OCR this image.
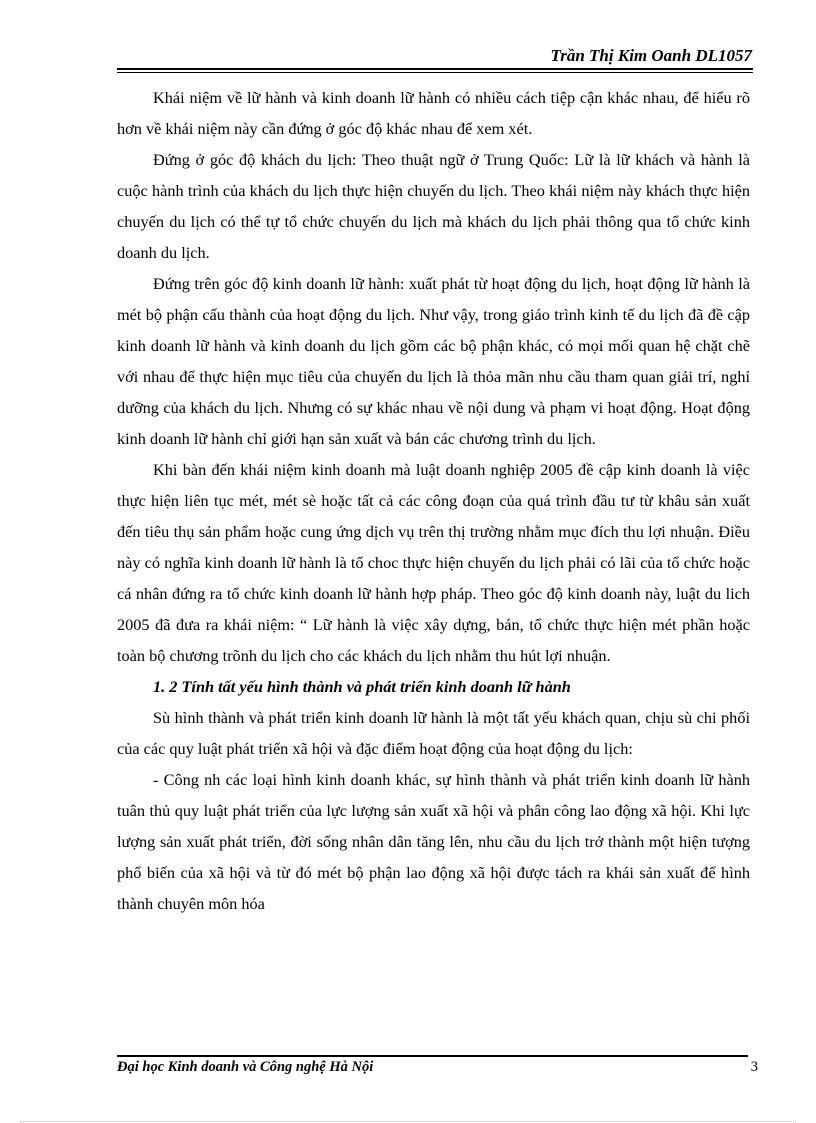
Trần Thị Kim Oanh DL1057

Khái niệm về lữ hành và kinh doanh lữ hành có nhiều cách tiệp cận khác nhau, để hiểu rõ hơn về khái niệm này cần đứng ở góc độ khác nhau để xem xét.

Đứng ở góc độ khách du lịch: Theo thuật ngữ ở Trung Quốc: Lữ là lữ khách và hành là cuộc hành trình của khách du lịch thực hiện chuyến du lịch. Theo khái niệm này khách thực hiện chuyến du lịch có thể tự tổ chức chuyến du lịch mà khách du lịch phải thông qua tổ chức kinh doanh du lịch.

Đứng trên góc độ kinh doanh lữ hành: xuất phát từ hoạt động du lịch, hoạt động lữ hành là mét bộ phận cấu thành của hoạt động du lịch. Như vậy, trong giáo trình kinh tế du lịch đã đề cập kinh doanh lữ hành và kinh doanh du lịch gồm các bộ phận khác, có mọi mối quan hệ chặt chẽ với nhau để thực hiện mục tiêu của chuyến du lịch là thỏa mãn nhu cầu tham quan giải trí, nghỉ dưỡng của khách du lịch. Nhưng có sự khác nhau về nội dung và phạm vi hoạt động. Hoạt động kinh doanh lữ hành chỉ giới hạn sản xuất và bán các chương trình du lịch.

Khi bàn đến khái niệm kinh doanh mà luật doanh nghiệp 2005 đề cập kinh doanh là việc thực hiện liên tục mét, mét sè hoặc tất cả các công đoạn của quá trình đầu tư từ khâu sản xuất đến tiêu thụ sản phẩm hoặc cung ứng dịch vụ trên thị trường nhằm mục đích thu lợi nhuận. Điều này có nghĩa kinh doanh lữ hành là tổ choc thực hiện chuyến du lịch phải có lãi của tổ chức hoặc cá nhân đứng ra tổ chức kinh doanh lữ hành hợp pháp. Theo góc độ kinh doanh này, luật du lich 2005 đã đưa ra khái niệm: “ Lữ hành là việc xây dựng, bán, tổ chức thực hiện mét phần hoặc toàn bộ chương trõnh du lịch cho các khách du lịch nhằm thu hút lợi nhuận.

1. 2 Tính tất yếu hình thành và phát triển kinh doanh lữ hành

Sù hình thành và phát triển kinh doanh lữ hành là một tất yếu khách quan, chịu sù chi phối của các quy luật phát triển xã hội và đặc điểm hoạt động của hoạt động du lịch:

- Công nh các loại hình kinh doanh khác, sự hình thành và phát triển kinh doanh lữ hành tuân thủ quy luật phát triển của lực lượng sản xuất xã hội và phân công lao động xã hội. Khi lực lượng sản xuất phát triển, đời sống nhân dân tăng lên, nhu cầu du lịch trở thành một hiện tượng phổ biến của xã hội và từ đó mét bộ phận lao động xã hội được tách ra khái sản xuất để hình thành chuyên môn hóa

Đại học Kinh doanh và Công nghệ Hà Nội	3
